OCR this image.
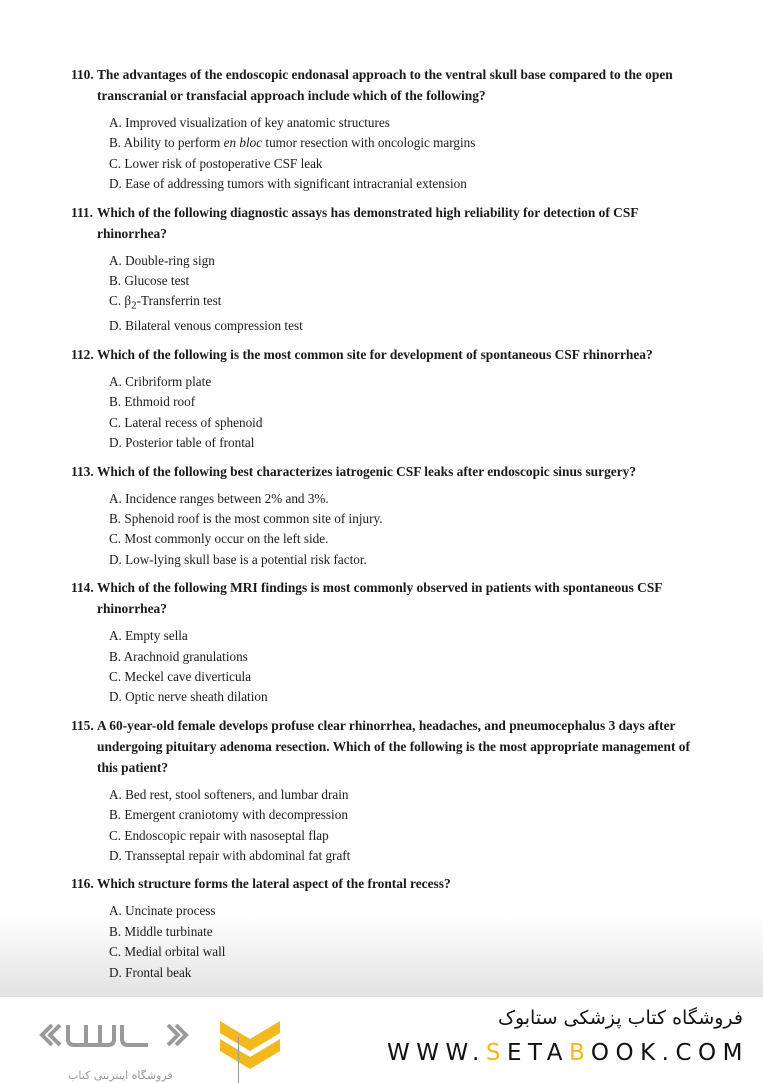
110. The advantages of the endoscopic endonasal approach to the ventral skull base compared to the open transcranial or transfacial approach include which of the following?
A. Improved visualization of key anatomic structures
B. Ability to perform en bloc tumor resection with oncologic margins
C. Lower risk of postoperative CSF leak
D. Ease of addressing tumors with significant intracranial extension
111. Which of the following diagnostic assays has demonstrated high reliability for detection of CSF rhinorrhea?
A. Double-ring sign
B. Glucose test
C. $\beta_2$-Transferrin test
D. Bilateral venous compression test
112. Which of the following is the most common site for development of spontaneous CSF rhinorrhea?
A. Cribriform plate
B. Ethmoid roof
C. Lateral recess of sphenoid
D. Posterior table of frontal
113. Which of the following best characterizes iatrogenic CSF leaks after endoscopic sinus surgery?
A. Incidence ranges between 2% and 3%.
B. Sphenoid roof is the most common site of injury.
C. Most commonly occur on the left side.
D. Low-lying skull base is a potential risk factor.
114. Which of the following MRI findings is most commonly observed in patients with spontaneous CSF rhinorrhea?
A. Empty sella
B. Arachnoid granulations
C. Meckel cave diverticula
D. Optic nerve sheath dilation
115. A 60-year-old female develops profuse clear rhinorrhea, headaches, and pneumocephalus 3 days after undergoing pituitary adenoma resection. Which of the following is the most appropriate management of this patient?
A. Bed rest, stool softeners, and lumbar drain
B. Emergent craniotomy with decompression
C. Endoscopic repair with nasoseptal flap
D. Transseptal repair with abdominal fat graft
116. Which structure forms the lateral aspect of the frontal recess?
A. Uncinate process
B. Middle turbinate
C. Medial orbital wall
D. Frontal beak
فروشگاه اینترنتی کتاب
فروشگاه کتاب پزشکی ستابوک
WWW.SETABOOK.COM
